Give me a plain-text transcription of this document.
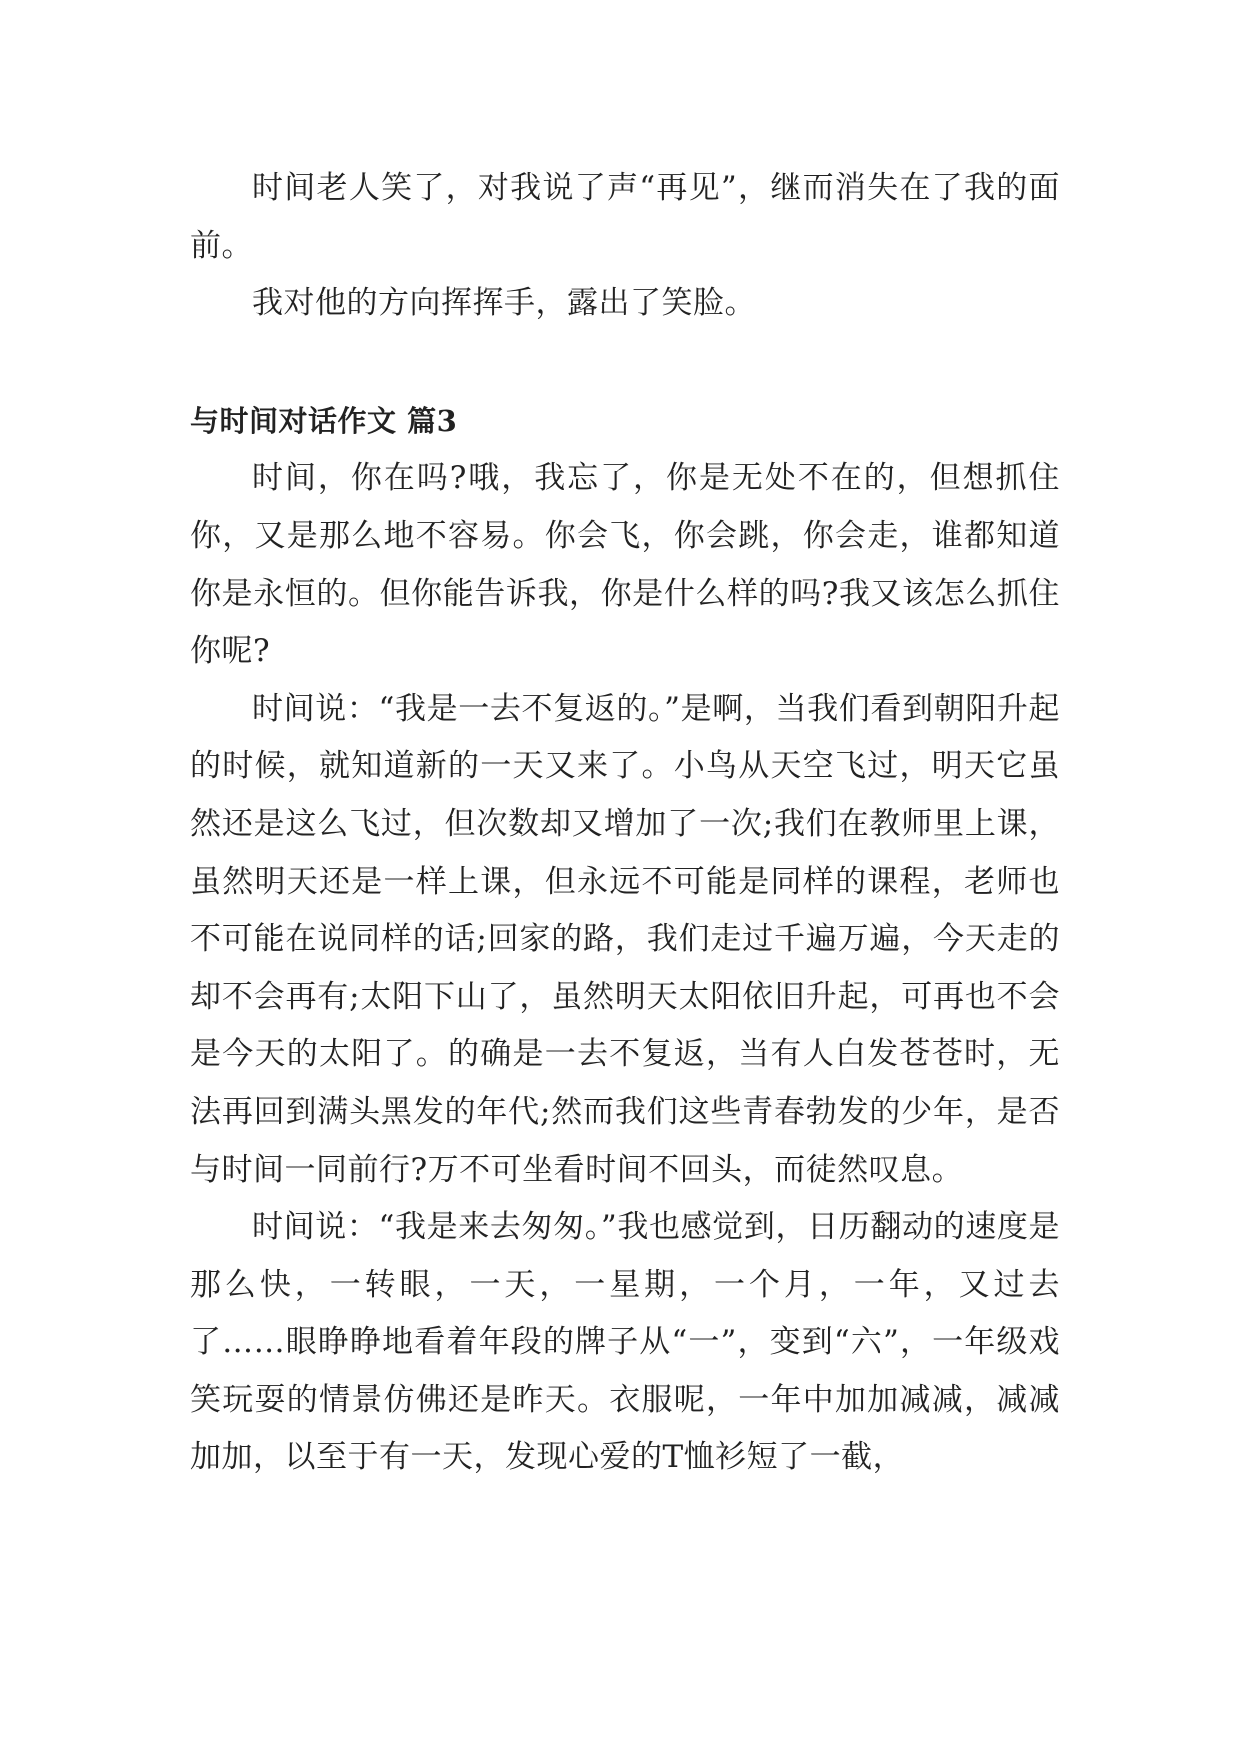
时间老人笑了，对我说了声“再见”，继而消失在了我的面前。

我对他的方向挥挥手，露出了笑脸。

与时间对话作文 篇3

时间，你在吗?哦，我忘了，你是无处不在的，但想抓住你，又是那么地不容易。你会飞，你会跳，你会走，谁都知道你是永恒的。但你能告诉我，你是什么样的吗?我又该怎么抓住你呢?

时间说：“我是一去不复返的。”是啊，当我们看到朝阳升起的时候，就知道新的一天又来了。小鸟从天空飞过，明天它虽然还是这么飞过，但次数却又增加了一次;我们在教师里上课，虽然明天还是一样上课，但永远不可能是同样的课程，老师也不可能在说同样的话;回家的路，我们走过千遍万遍，今天走的却不会再有;太阳下山了，虽然明天太阳依旧升起，可再也不会是今天的太阳了。的确是一去不复返，当有人白发苍苍时，无法再回到满头黑发的年代;然而我们这些青春勃发的少年，是否与时间一同前行?万不可坐看时间不回头，而徒然叹息。

时间说：“我是来去匆匆。”我也感觉到，日历翻动的速度是那么快，一转眼，一天，一星期，一个月，一年，又过去了……眼睁睁地看着年段的牌子从“一”，变到“六”，一年级戏笑玩耍的情景仿佛还是昨天。衣服呢，一年中加加减减，减减加加，以至于有一天，发现心爱的T恤衫短了一截，
